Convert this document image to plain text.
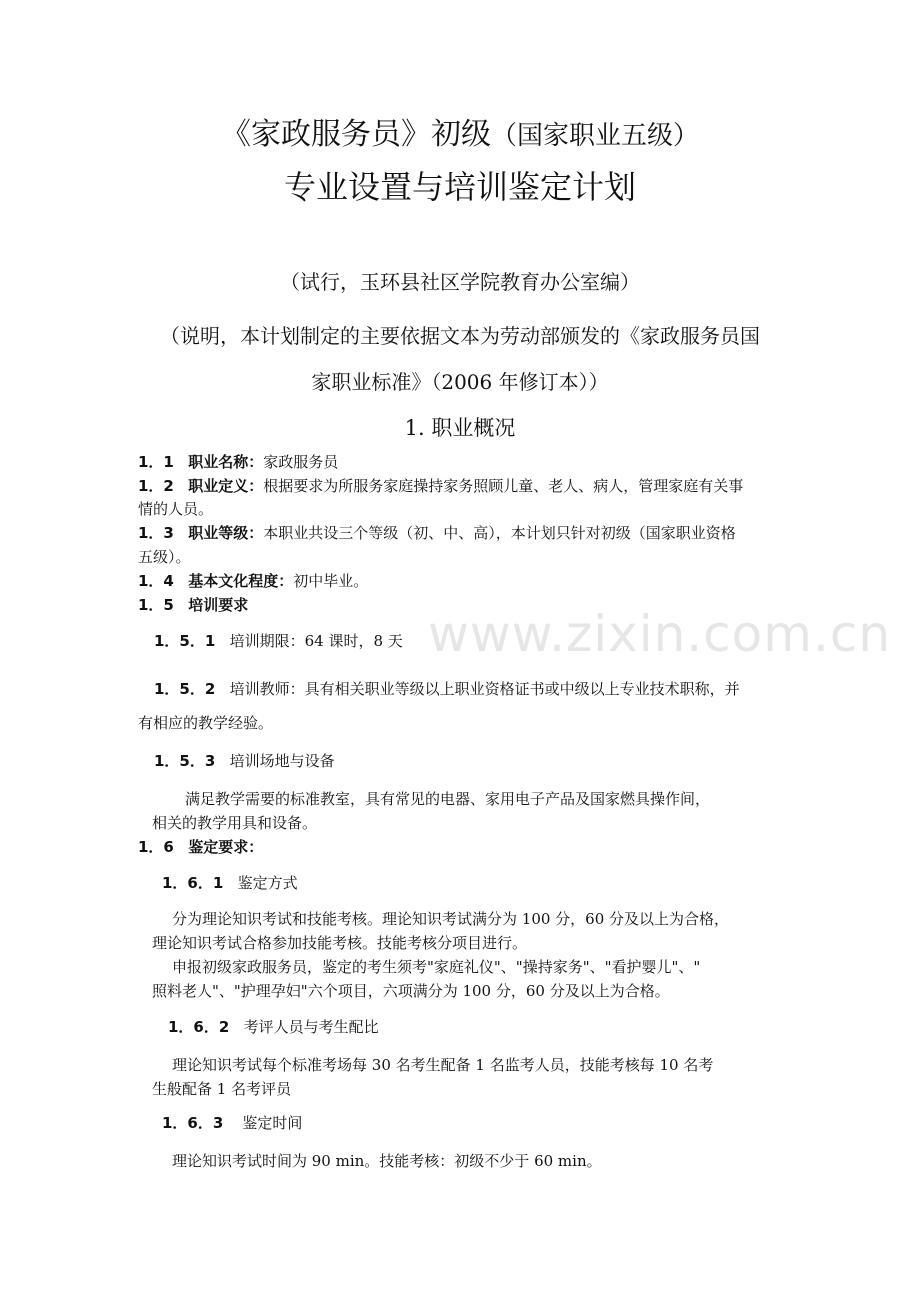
www.zixin.com.cn
《家政服务员》初级（国家职业五级）
专业设置与培训鉴定计划
（试行，玉环县社区学院教育办公室编）
（说明，本计划制定的主要依据文本为劳动部颁发的《家政服务员国
家职业标准》（2006 年修订本））
1. 职业概况
1．1 职业名称：家政服务员
1．2 职业定义：根据要求为所服务家庭操持家务照顾儿童、老人、病人，管理家庭有关事
情的人员。
1．3 职业等级：本职业共设三个等级（初、中、高），本计划只针对初级（国家职业资格
五级）。
1．4 基本文化程度：初中毕业。
1．5 培训要求
1．5．1 培训期限：64 课时，8 天
1．5．2 培训教师：具有相关职业等级以上职业资格证书或中级以上专业技术职称，并
有相应的教学经验。
1．5．3 培训场地与设备
满足教学需要的标准教室，具有常见的电器、家用电子产品及国家燃具操作间，
相关的教学用具和设备。
1．6 鉴定要求：
1．6．1 鉴定方式
分为理论知识考试和技能考核。理论知识考试满分为 100 分，60 分及以上为合格，
理论知识考试合格参加技能考核。技能考核分项目进行。
申报初级家政服务员，鉴定的考生须考"家庭礼仪"、"操持家务"、"看护婴儿"、"
照料老人"、"护理孕妇"六个项目，六项满分为 100 分，60 分及以上为合格。
1．6．2 考评人员与考生配比
理论知识考试每个标准考场每 30 名考生配备 1 名监考人员，技能考核每 10 名考
生般配备 1 名考评员
1．6．3 鉴定时间
理论知识考试时间为 90 min。技能考核：初级不少于 60 min。
